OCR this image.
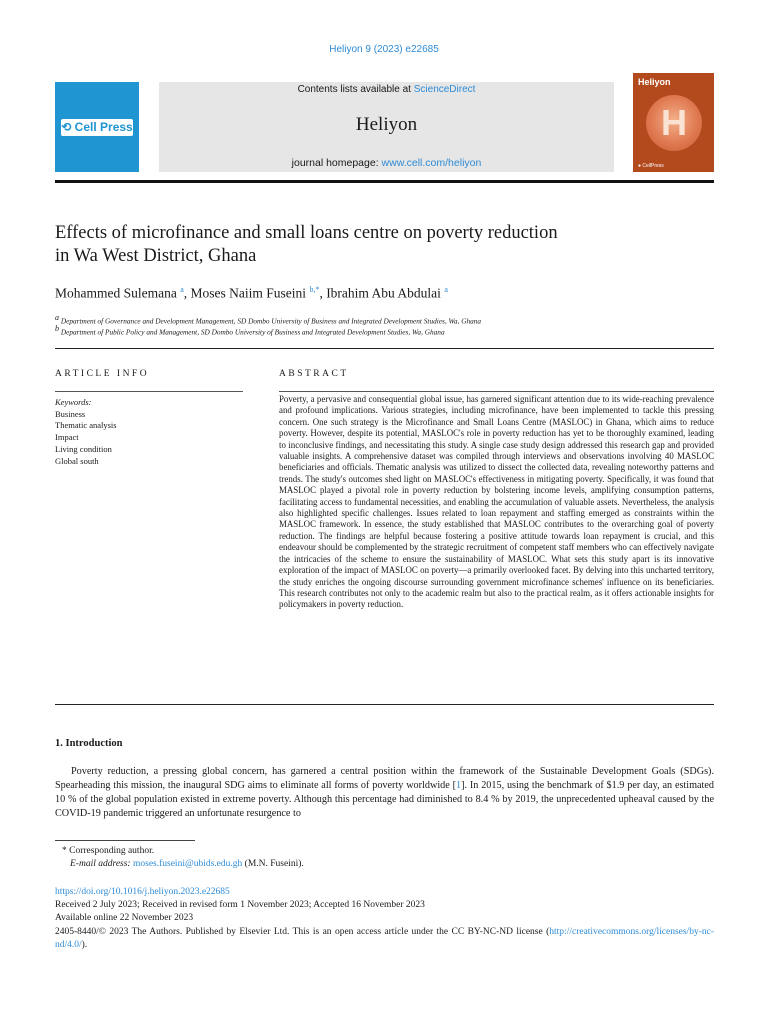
Heliyon 9 (2023) e22685
⟲ Cell Press
Contents lists available at ScienceDirect
Heliyon
journal homepage: www.cell.com/heliyon
Heliyon
H
● CellPress
Effects of microfinance and small loans centre on poverty reduction in Wa West District, Ghana
Mohammed Sulemana $^a$, Moses Naiim Fuseini $^{b,*}$, Ibrahim Abu Abdulai $^a$
$^a$ Department of Governance and Development Management, SD Dombo University of Business and Integrated Development Studies, Wa, Ghana
$^b$ Department of Public Policy and Management, SD Dombo University of Business and Integrated Development Studies, Wa, Ghana
ARTICLE INFO	ABSTRACT
Keywords:
Business
Thematic analysis
Impact
Living condition
Global south
Poverty, a pervasive and consequential global issue, has garnered significant attention due to its wide-reaching prevalence and profound implications. Various strategies, including microfinance, have been implemented to tackle this pressing concern. One such strategy is the Microfinance and Small Loans Centre (MASLOC) in Ghana, which aims to reduce poverty. However, despite its potential, MASLOC's role in poverty reduction has yet to be thoroughly examined, leading to inconclusive findings, and necessitating this study. A single case study design addressed this research gap and provided valuable insights. A comprehensive dataset was compiled through interviews and observations involving 40 MASLOC beneficiaries and officials. Thematic analysis was utilized to dissect the collected data, revealing noteworthy patterns and trends. The study's outcomes shed light on MASLOC's effectiveness in mitigating poverty. Specifically, it was found that MASLOC played a pivotal role in poverty reduction by bolstering income levels, amplifying consumption patterns, facilitating access to fundamental necessities, and enabling the accumulation of valuable assets. Nevertheless, the analysis also highlighted specific challenges. Issues related to loan repayment and staffing emerged as constraints within the MASLOC framework. In essence, the study established that MASLOC contributes to the overarching goal of poverty reduction. The findings are helpful because fostering a positive attitude towards loan repayment is crucial, and this endeavour should be complemented by the strategic recruitment of competent staff members who can effectively navigate the intricacies of the scheme to ensure the sustainability of MASLOC. What sets this study apart is its innovative exploration of the impact of MASLOC on poverty—a primarily overlooked facet. By delving into this uncharted territory, the study enriches the ongoing discourse surrounding government microfinance schemes' influence on its beneficiaries. This research contributes not only to the academic realm but also to the practical realm, as it offers actionable insights for policymakers in poverty reduction.
1. Introduction
Poverty reduction, a pressing global concern, has garnered a central position within the framework of the Sustainable Development Goals (SDGs). Spearheading this mission, the inaugural SDG aims to eliminate all forms of poverty worldwide [1]. In 2015, using the benchmark of $1.9 per day, an estimated 10 % of the global population existed in extreme poverty. Although this percentage had diminished to 8.4 % by 2019, the unprecedented upheaval caused by the COVID-19 pandemic triggered an unfortunate resurgence to
* Corresponding author.
E-mail address: moses.fuseini@ubids.edu.gh (M.N. Fuseini).
https://doi.org/10.1016/j.heliyon.2023.e22685
Received 2 July 2023; Received in revised form 1 November 2023; Accepted 16 November 2023
Available online 22 November 2023
2405-8440/© 2023 The Authors. Published by Elsevier Ltd. This is an open access article under the CC BY-NC-ND license (http://creativecommons.org/licenses/by-nc-nd/4.0/).
